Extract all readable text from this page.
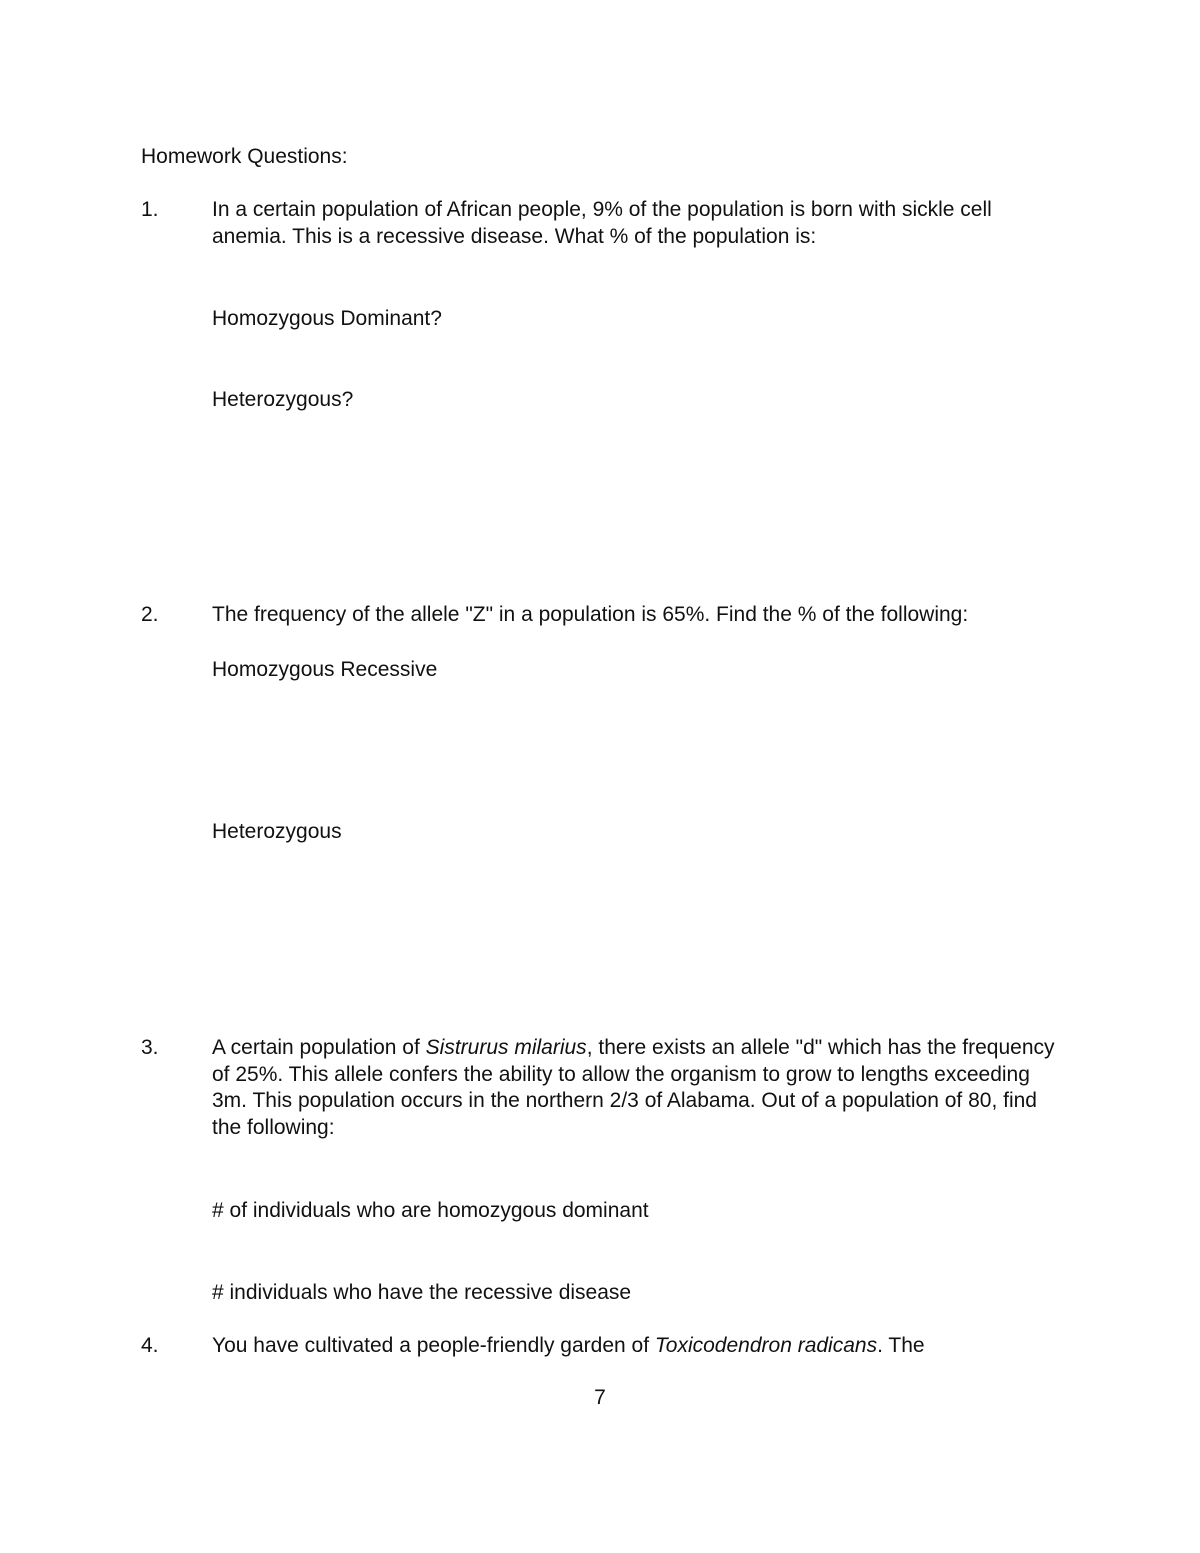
Homework Questions:
1.	In a certain population of African people, 9% of the population is born with sickle cell anemia. This is a recessive disease. What % of the population is:
Homozygous Dominant?
Heterozygous?
2.	The frequency of the allele "Z" in a population is 65%. Find the % of the following:
Homozygous Recessive
Heterozygous
3.	A certain population of Sistrurus milarius, there exists an allele "d" which has the frequency of 25%. This allele confers the ability to allow the organism to grow to lengths exceeding 3m. This population occurs in the northern 2/3 of Alabama. Out of a population of 80, find the following:
# of individuals who are homozygous dominant
# individuals who have the recessive disease
4.	You have cultivated a people-friendly garden of Toxicodendron radicans. The
7
